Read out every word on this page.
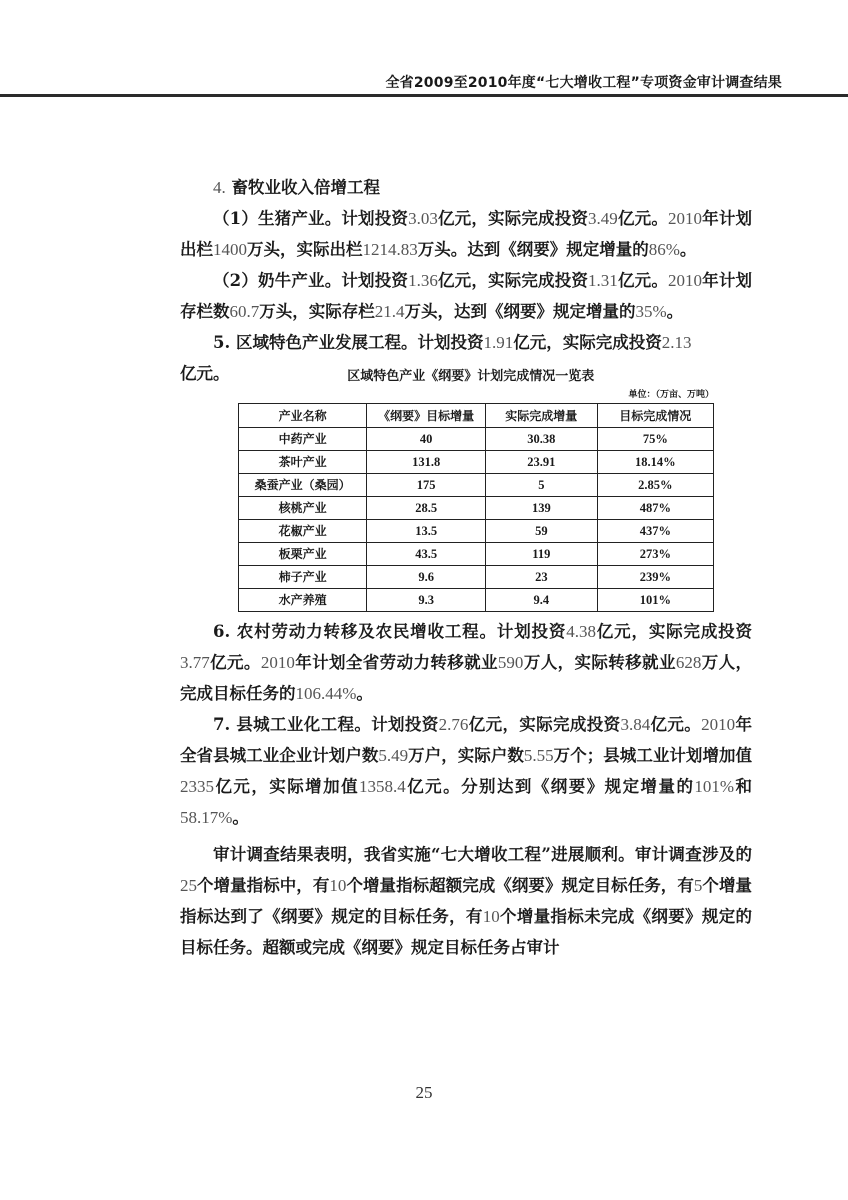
全省2009至2010年度“七大增收工程”专项资金审计调查结果

4. 畜牧业收入倍增工程

（1）生猪产业。计划投资3.03亿元，实际完成投资3.49亿元。2010年计划出栏1400万头，实际出栏1214.83万头。达到《纲要》规定增量的86%。

（2）奶牛产业。计划投资1.36亿元，实际完成投资1.31亿元。2010年计划存栏数60.7万头，实际存栏21.4万头，达到《纲要》规定增量的35%。

5. 区域特色产业发展工程。计划投资1.91亿元，实际完成投资2.13

亿元。	区域特色产业《纲要》计划完成情况一览表
单位：（万亩、万吨）
产业名称	《纲要》目标增量	实际完成增量	目标完成情况
中药产业	40	30.38	75%
茶叶产业	131.8	23.91	18.14%
桑蚕产业（桑园）	175	5	2.85%
核桃产业	28.5	139	487%
花椒产业	13.5	59	437%
板栗产业	43.5	119	273%
柿子产业	9.6	23	239%
水产养殖	9.3	9.4	101%

6. 农村劳动力转移及农民增收工程。计划投资4.38亿元，实际完成投资3.77亿元。2010年计划全省劳动力转移就业590万人，实际转移就业628万人，完成目标任务的106.44%。

7. 县城工业化工程。计划投资2.76亿元，实际完成投资3.84亿元。2010年全省县城工业企业计划户数5.49万户，实际户数5.55万个；县城工业计划增加值2335亿元，实际增加值1358.4亿元。分别达到《纲要》规定增量的101%和58.17%。

审计调查结果表明，我省实施“七大增收工程”进展顺利。审计调查涉及的25个增量指标中，有10个增量指标超额完成《纲要》规定目标任务，有5个增量指标达到了《纲要》规定的目标任务，有10个增量指标未完成《纲要》规定的目标任务。超额或完成《纲要》规定目标任务占审计

25
